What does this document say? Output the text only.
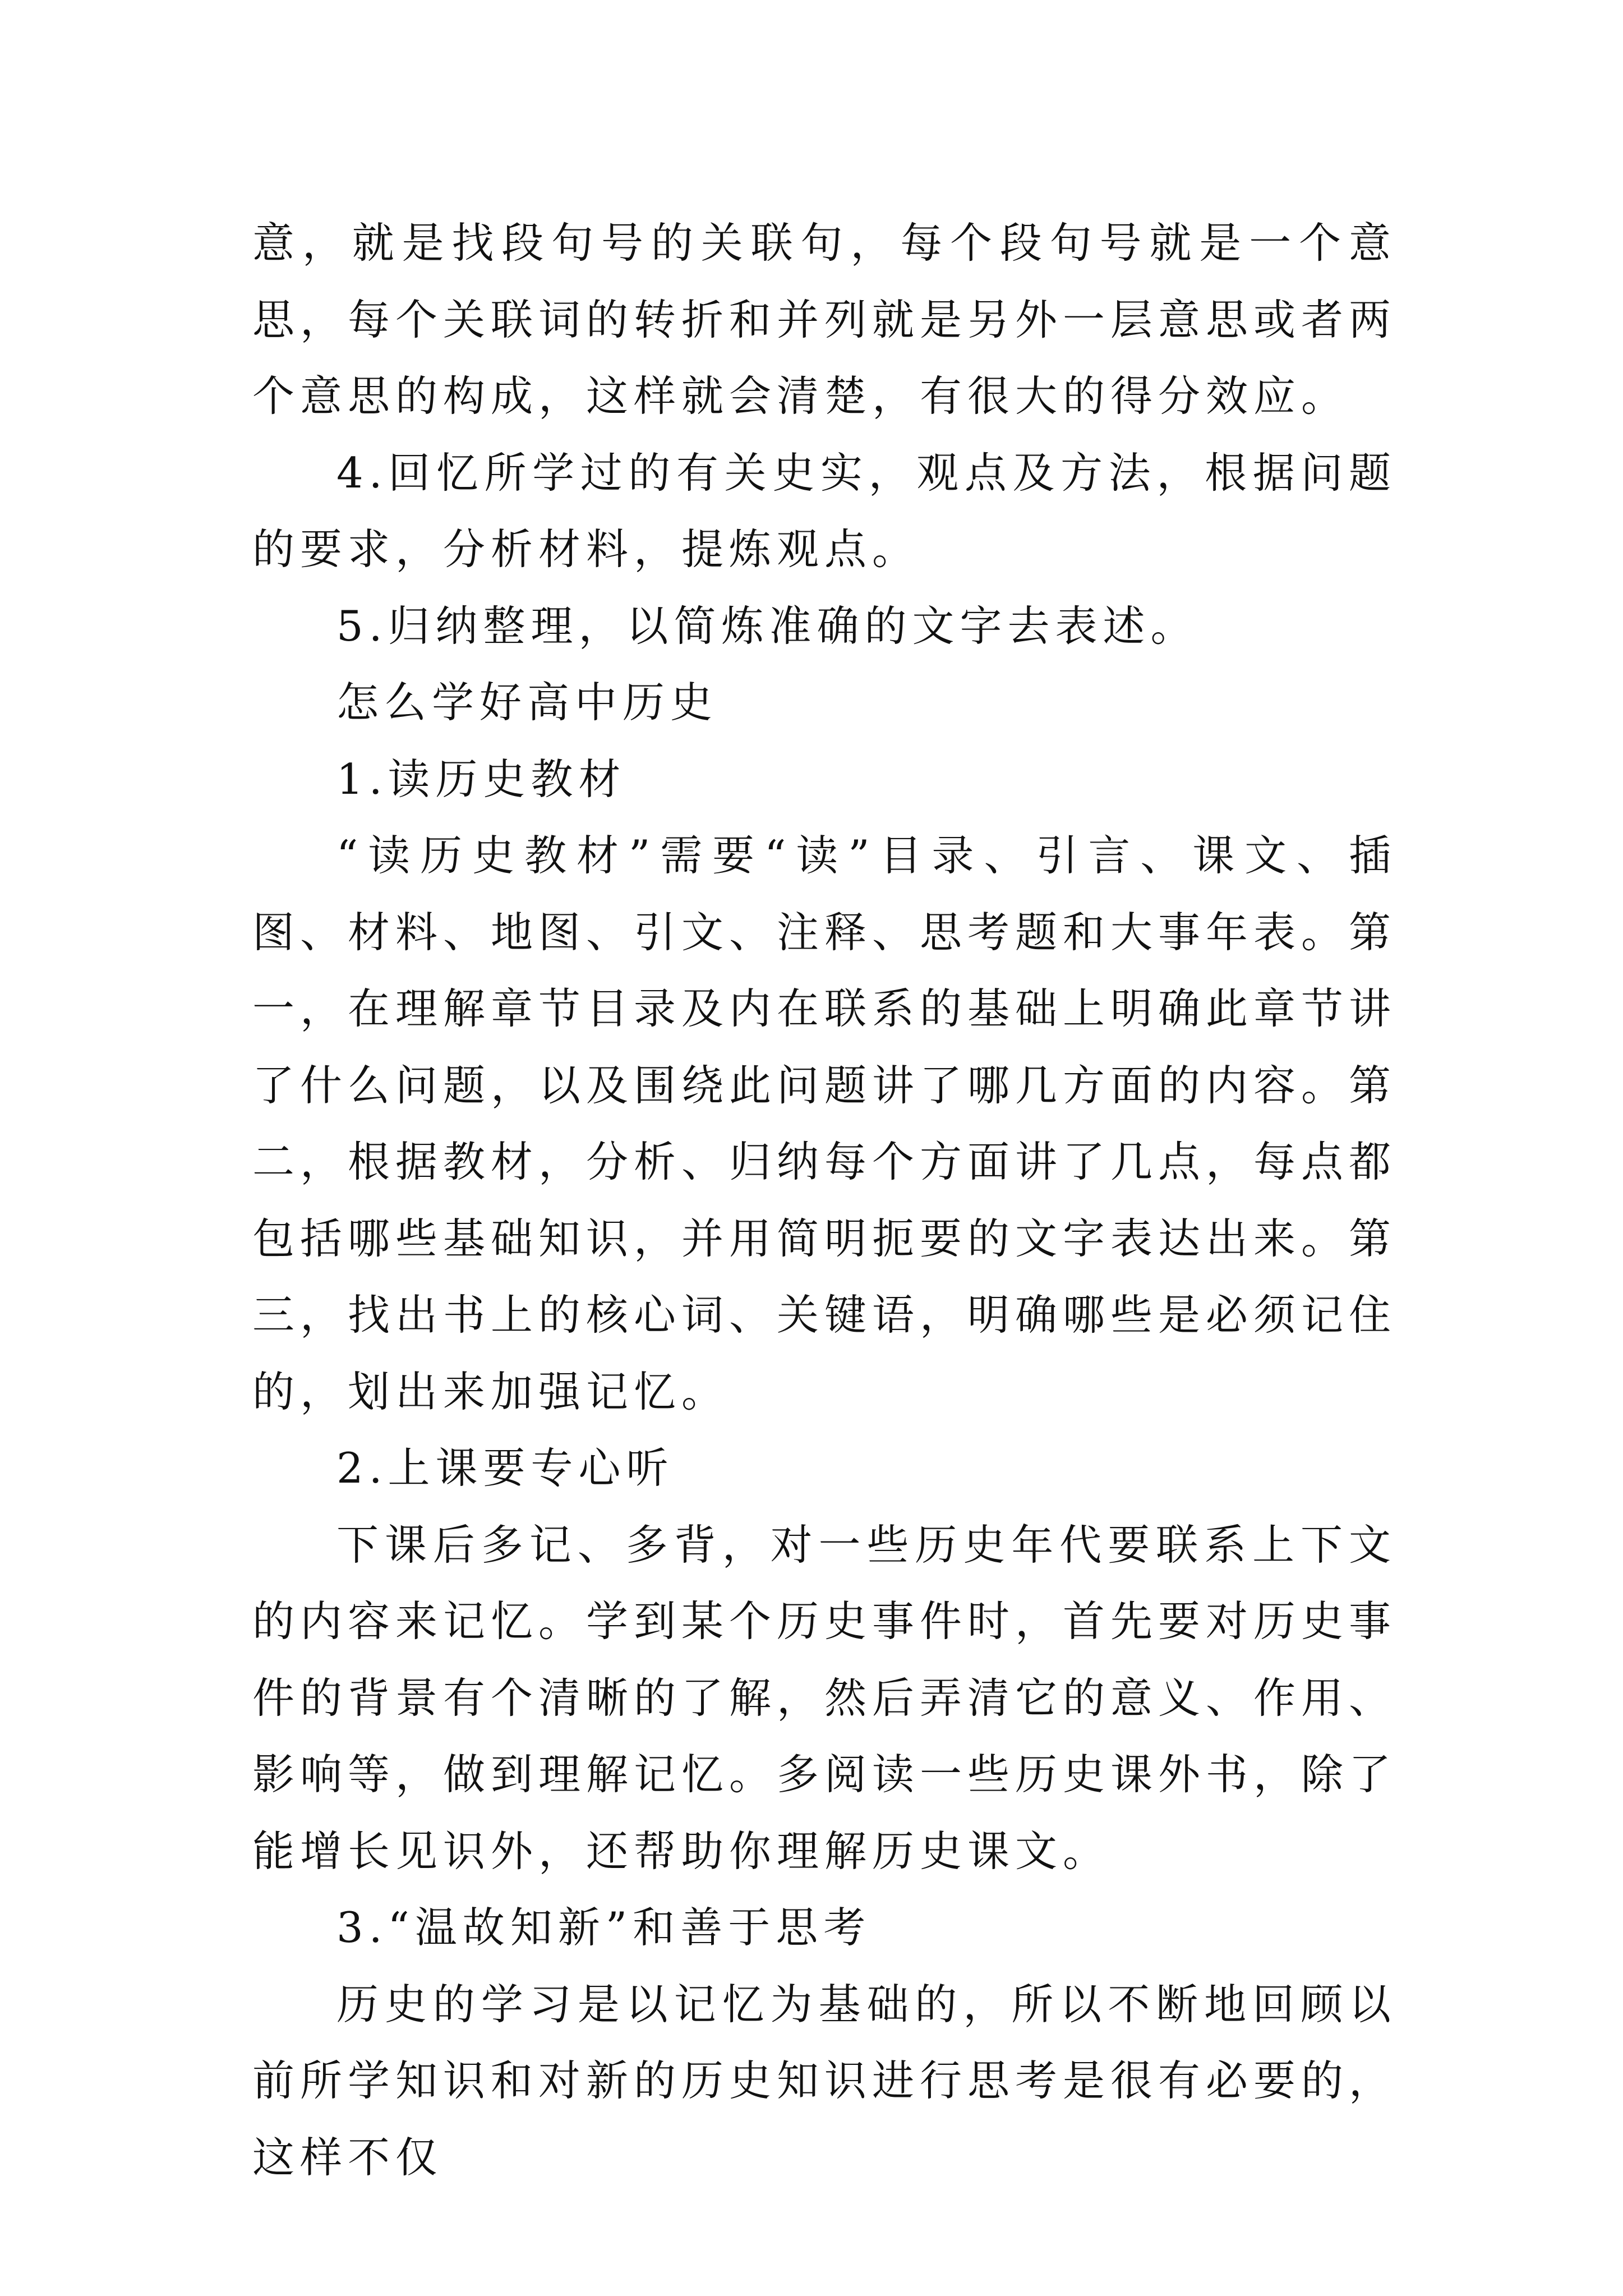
意，就是找段句号的关联句，每个段句号就是一个意思，每个关联词的转折和并列就是另外一层意思或者两个意思的构成，这样就会清楚，有很大的得分效应。

4.回忆所学过的有关史实，观点及方法，根据问题的要求，分析材料，提炼观点。

5.归纳整理，以简炼准确的文字去表述。

怎么学好高中历史

1.读历史教材

“读历史教材”需要“读”目录、引言、课文、插图、材料、地图、引文、注释、思考题和大事年表。第一，在理解章节目录及内在联系的基础上明确此章节讲了什么问题，以及围绕此问题讲了哪几方面的内容。第二，根据教材，分析、归纳每个方面讲了几点，每点都包括哪些基础知识，并用简明扼要的文字表达出来。第三，找出书上的核心词、关键语，明确哪些是必须记住的，划出来加强记忆。

2.上课要专心听

下课后多记、多背，对一些历史年代要联系上下文的内容来记忆。学到某个历史事件时，首先要对历史事件的背景有个清晰的了解，然后弄清它的意义、作用、影响等，做到理解记忆。多阅读一些历史课外书，除了能增长见识外，还帮助你理解历史课文。

3.“温故知新”和善于思考

历史的学习是以记忆为基础的，所以不断地回顾以前所学知识和对新的历史知识进行思考是很有必要的，这样不仅
